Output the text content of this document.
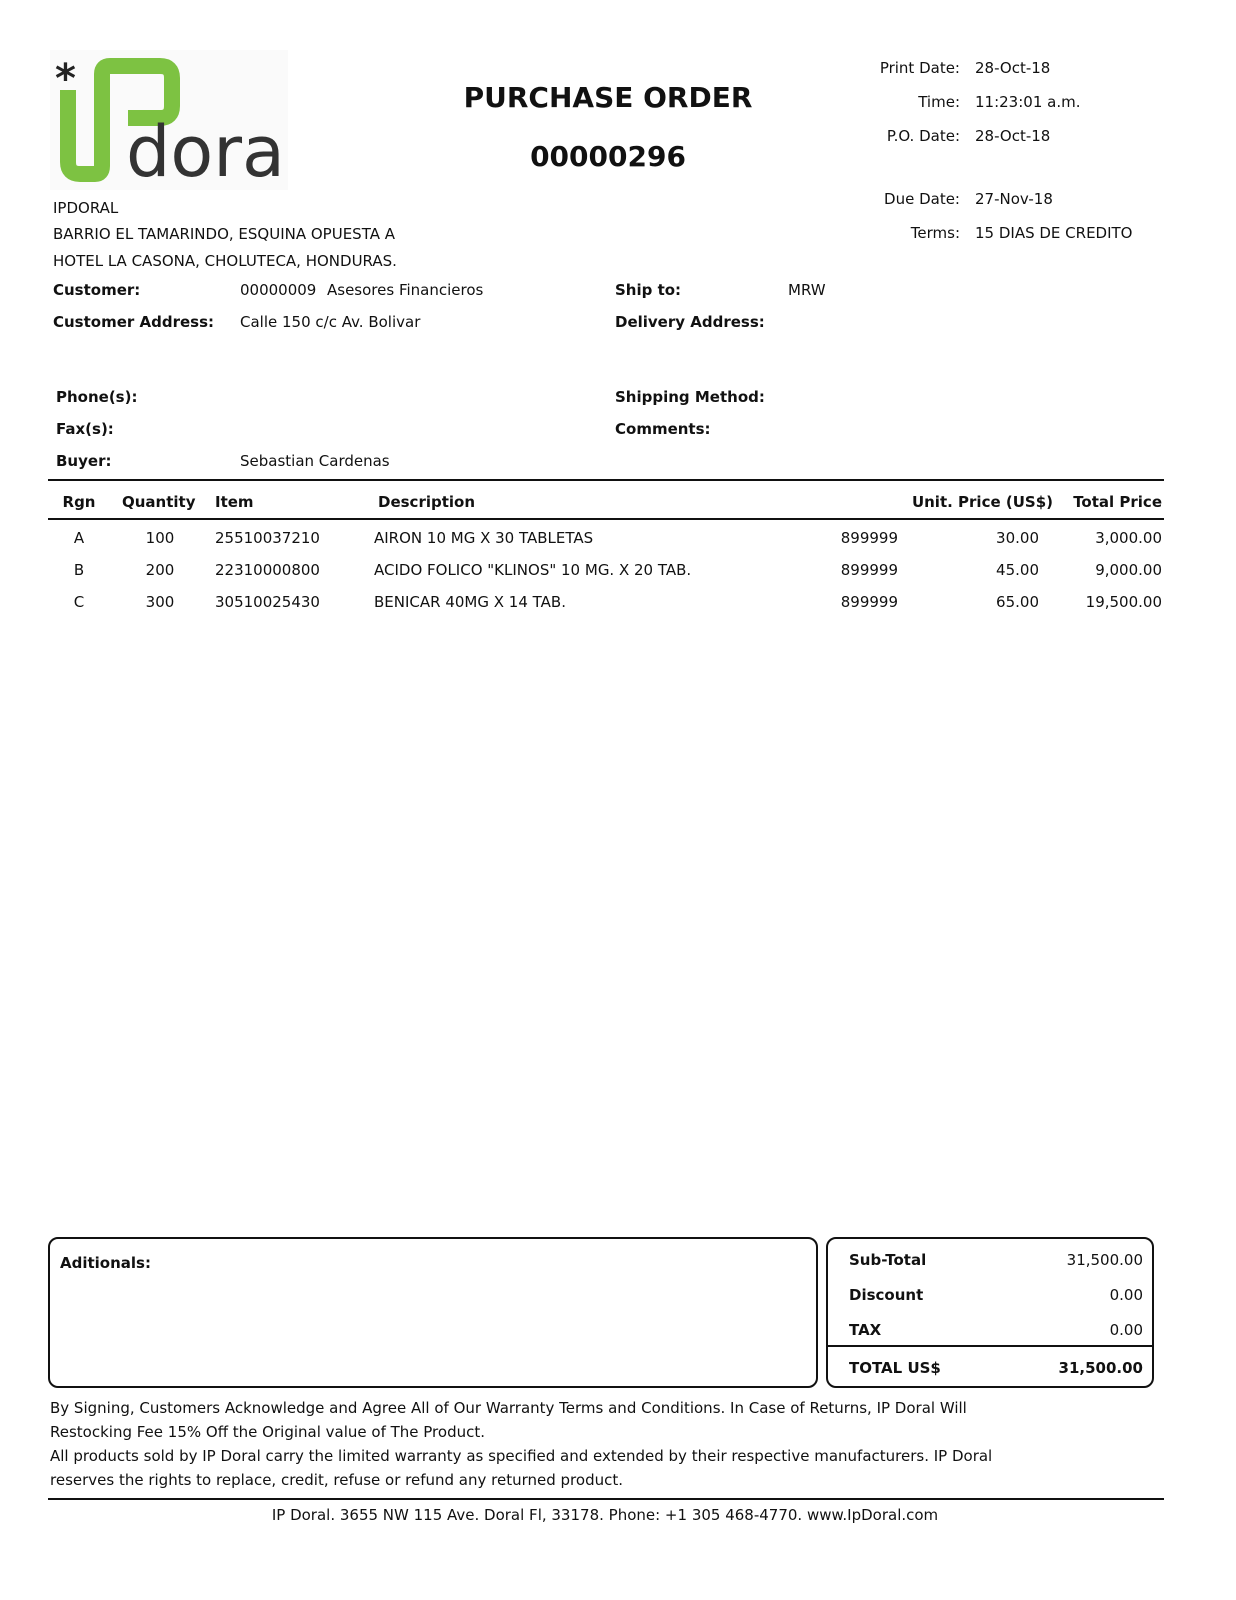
*
doral
IPDORAL
BARRIO EL TAMARINDO, ESQUINA OPUESTA A
HOTEL LA CASONA, CHOLUTECA, HONDURAS.
PURCHASE ORDER
00000296
Print Date: 28-Oct-18
Time: 11:23:01 a.m.
P.O. Date: 28-Oct-18
Due Date: 27-Nov-18
Terms: 15 DIAS DE CREDITO
Customer:	00000009 Asesores Financieros	Ship to:	MRW
Customer Address: Calle 150 c/c Av. Bolivar	Delivery Address:
Phone(s):	Shipping Method:
Fax(s):	Comments:
Buyer:	Sebastian Cardenas
Rgn	Quantity Item	Description	Unit. Price (US$)	Total Price
A	100	25510037210	AIRON 10 MG X 30 TABLETAS	899999	30.00	3,000.00
B	200	22310000800	ACIDO FOLICO "KLINOS" 10 MG. X 20 TAB.	899999	45.00	9,000.00
C	300	30510025430	BENICAR 40MG X 14 TAB.	899999	65.00	19,500.00
Aditionals:	Sub-Total	31,500.00
Discount	0.00
TAX	0.00
TOTAL US$	31,500.00
By Signing, Customers Acknowledge and Agree All of Our Warranty Terms and Conditions. In Case of Returns, IP Doral Will
Restocking Fee 15% Off the Original value of The Product.
All products sold by IP Doral carry the limited warranty as specified and extended by their respective manufacturers. IP Doral
reserves the rights to replace, credit, refuse or refund any returned product.
IP Doral. 3655 NW 115 Ave. Doral Fl, 33178. Phone: +1 305 468-4770. www.IpDoral.com
